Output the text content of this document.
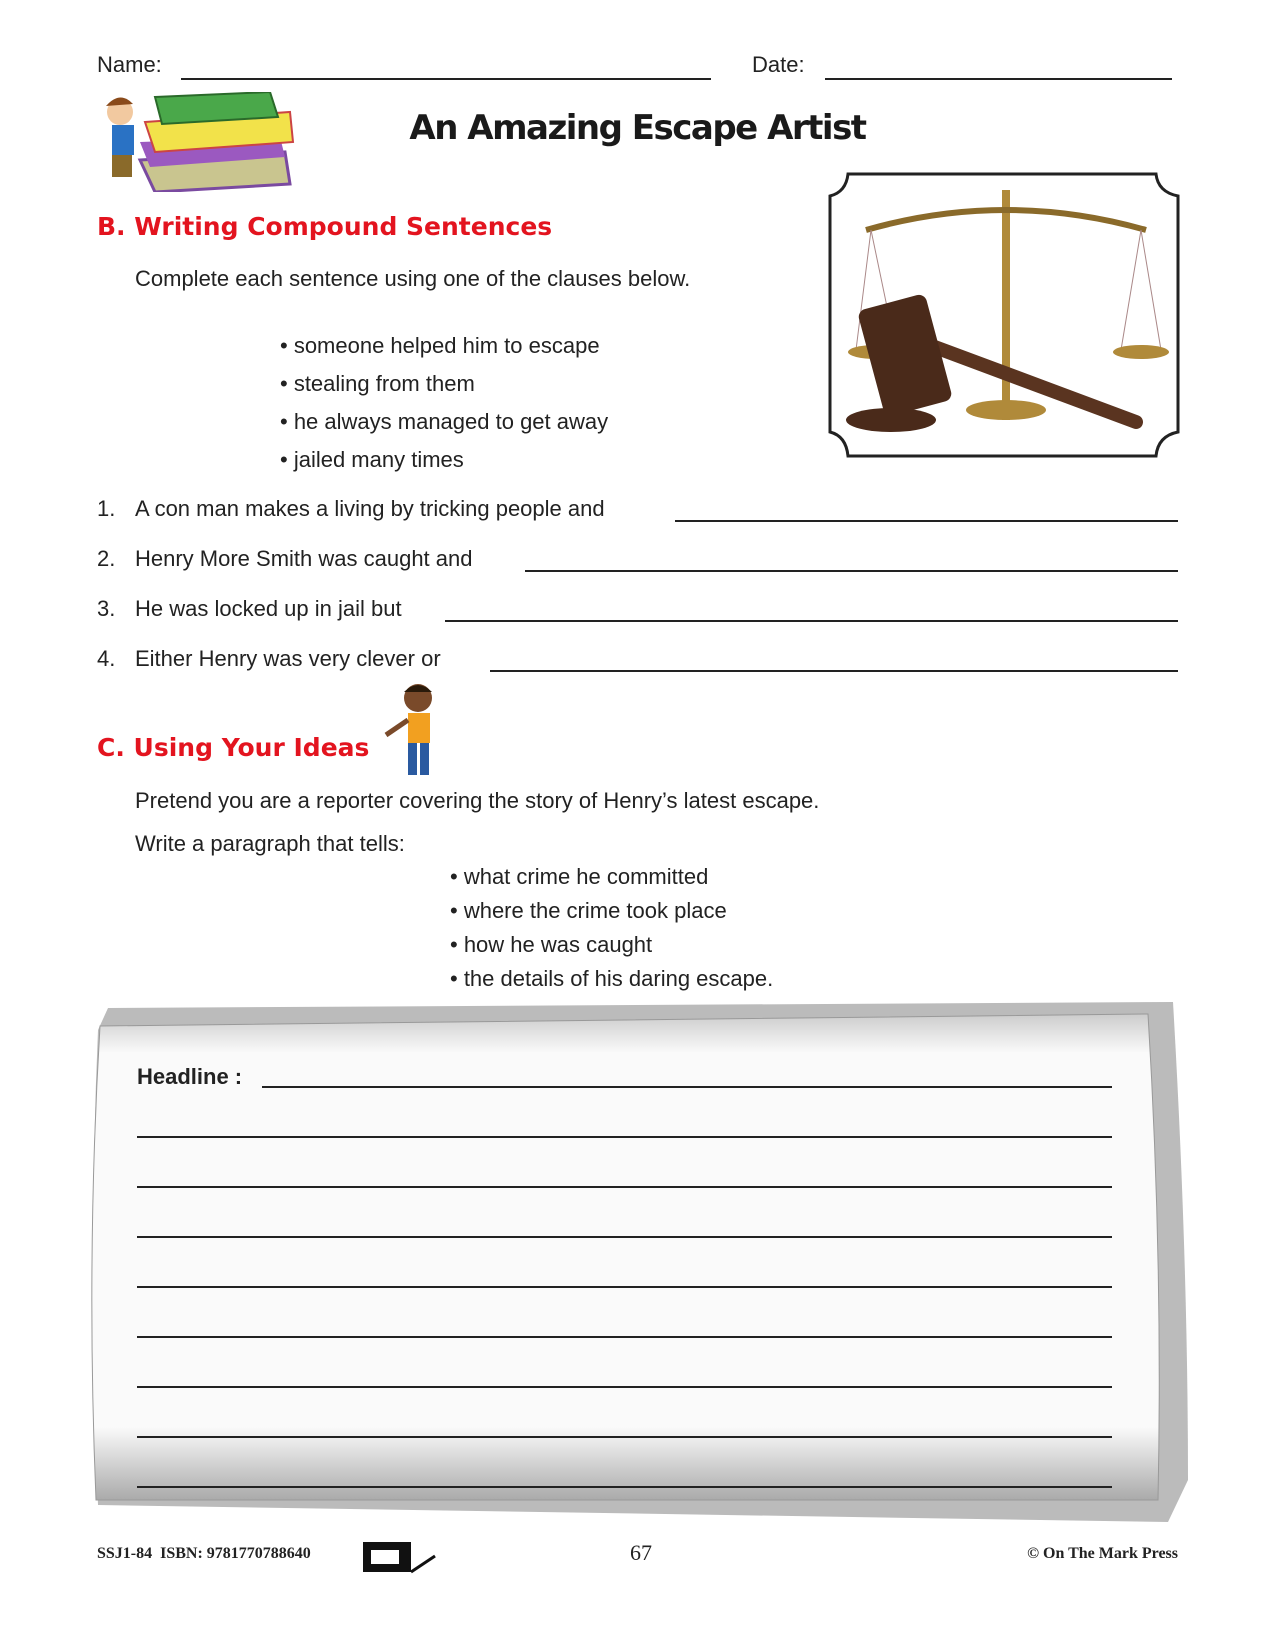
Name:	Date:
An Amazing Escape Artist
B. Writing Compound Sentences
Complete each sentence using one of the clauses below.
• someone helped him to escape
• stealing from them
• he always managed to get away
• jailed many times
1. A con man makes a living by tricking people and
2. Henry More Smith was caught and
3. He was locked up in jail but
4. Either Henry was very clever or
C. Using Your Ideas
Pretend you are a reporter covering the story of Henry’s latest escape.
Write a paragraph that tells:
• what crime he committed
• where the crime took place
• how he was caught
• the details of his daring escape.
Headline :
SSJ1-84  ISBN: 9781770788640	67	© On The Mark Press
